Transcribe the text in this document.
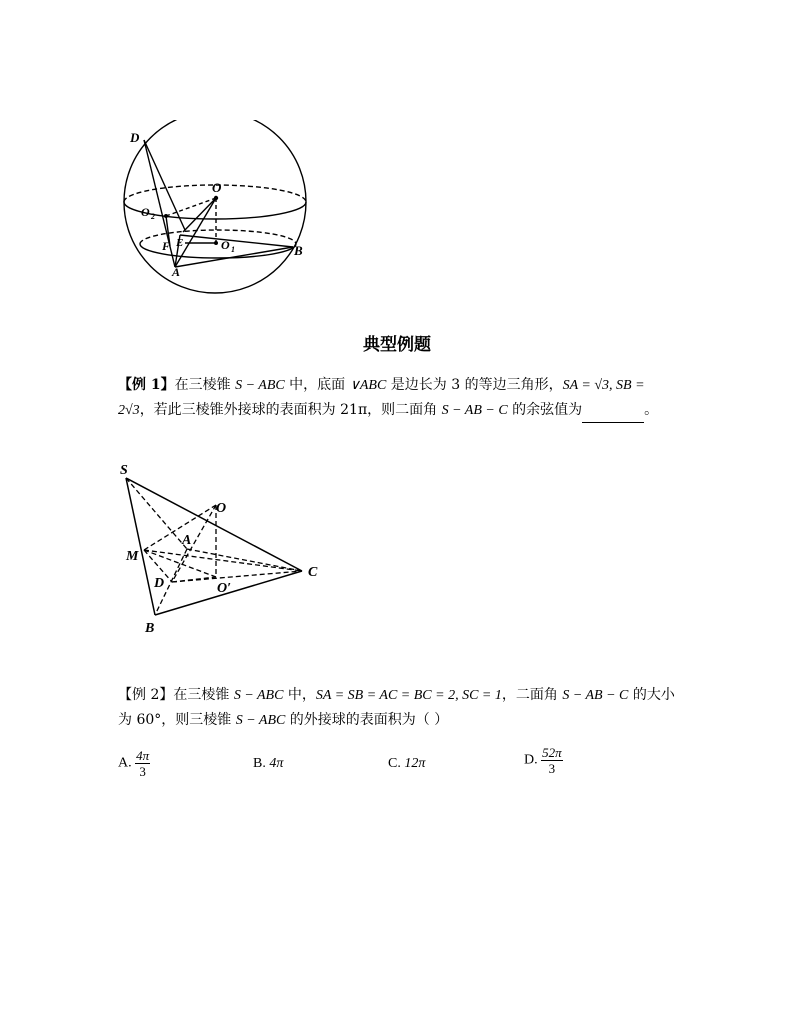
D
O
O 2
F E	O 1
A
B
典型例题
【例 1】在三棱锥 S − ABC 中，底面 ∨ABC 是边长为 3 的等边三角形，SA = √3, SB = 2√3，若此三棱锥外接球的表面积为 21π，则二面角 S − AB − C 的余弦值为	。
S
O
A
M
C
D	O′
B
【例 2】在三棱锥 S − ABC 中，SA = SB = AC = BC = 2, SC = 1，二面角 S − AB − C 的大小为 60°，则三棱锥 S − ABC 的外接球的表面积为（ ）
A. $\frac{4\pi}{3}$	B. 4π	C. 12π	D. $\frac{52\pi}{3}$
